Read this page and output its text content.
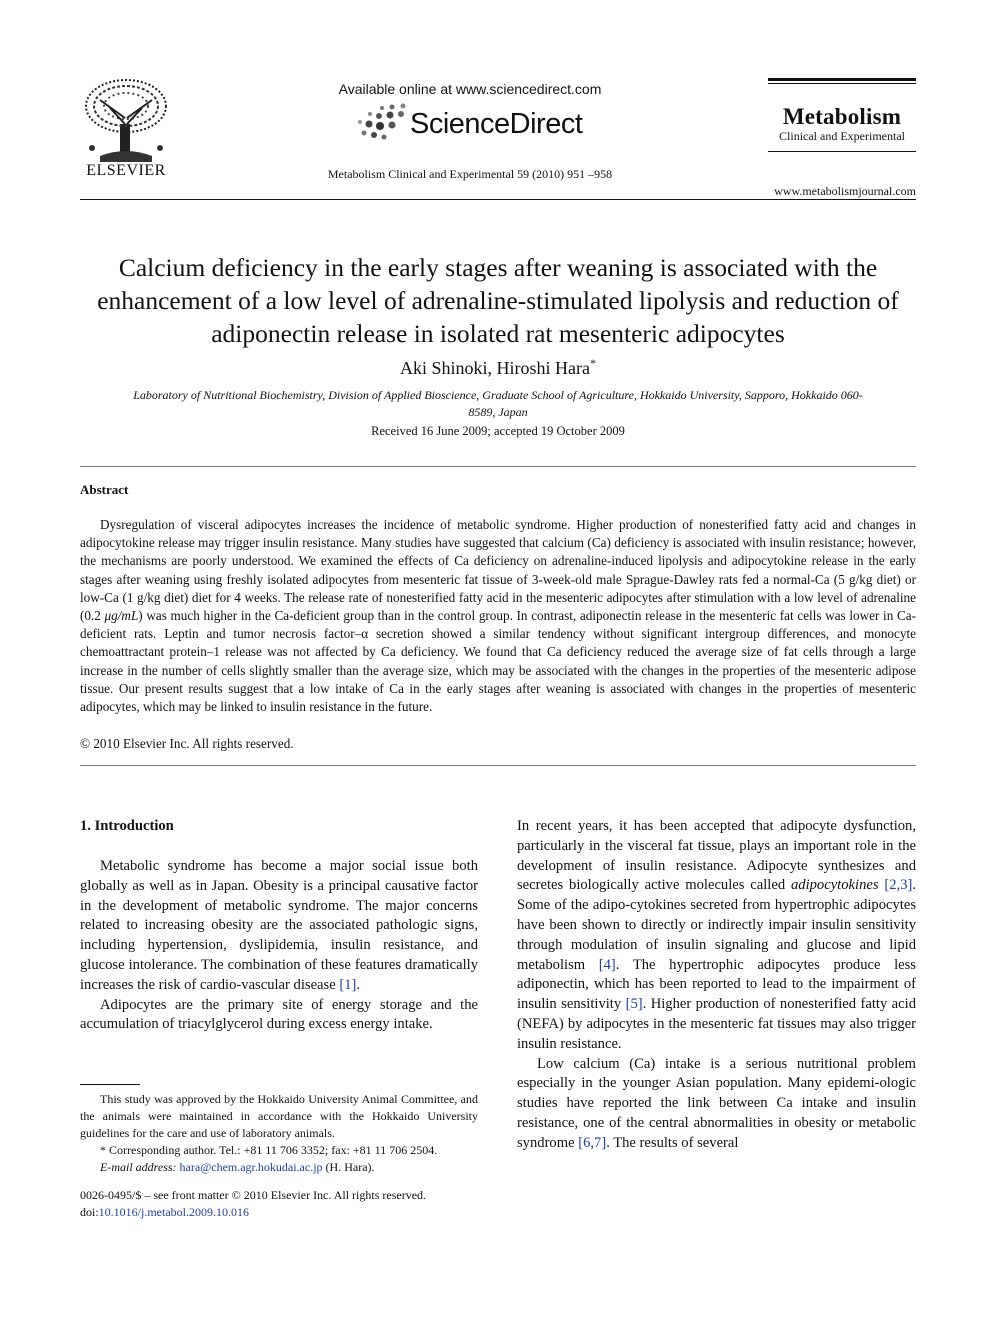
ELSEVIER
Available online at www.sciencedirect.com
ScienceDirect
Metabolism Clinical and Experimental 59 (2010) 951 –958
Metabolism
Clinical and Experimental
www.metabolismjournal.com
Calcium deficiency in the early stages after weaning is associated with the enhancement of a low level of adrenaline-stimulated lipolysis and reduction of adiponectin release in isolated rat mesenteric adipocytes
Aki Shinoki, Hiroshi Hara*
Laboratory of Nutritional Biochemistry, Division of Applied Bioscience, Graduate School of Agriculture, Hokkaido University, Sapporo, Hokkaido 060-8589, Japan
Received 16 June 2009; accepted 19 October 2009
Abstract
Dysregulation of visceral adipocytes increases the incidence of metabolic syndrome. Higher production of nonesterified fatty acid and changes in adipocytokine release may trigger insulin resistance. Many studies have suggested that calcium (Ca) deficiency is associated with insulin resistance; however, the mechanisms are poorly understood. We examined the effects of Ca deficiency on adrenaline-induced lipolysis and adipocytokine release in the early stages after weaning using freshly isolated adipocytes from mesenteric fat tissue of 3-week-old male Sprague-Dawley rats fed a normal-Ca (5 g/kg diet) or low-Ca (1 g/kg diet) diet for 4 weeks. The release rate of nonesterified fatty acid in the mesenteric adipocytes after stimulation with a low level of adrenaline (0.2 μg/mL) was much higher in the Ca-deficient group than in the control group. In contrast, adiponectin release in the mesenteric fat cells was lower in Ca-deficient rats. Leptin and tumor necrosis factor–α secretion showed a similar tendency without significant intergroup differences, and monocyte chemoattractant protein–1 release was not affected by Ca deficiency. We found that Ca deficiency reduced the average size of fat cells through a large increase in the number of cells slightly smaller than the average size, which may be associated with the changes in the properties of the mesenteric adipose tissue. Our present results suggest that a low intake of Ca in the early stages after weaning is associated with changes in the properties of mesenteric adipocytes, which may be linked to insulin resistance in the future.
© 2010 Elsevier Inc. All rights reserved.
1. Introduction

Metabolic syndrome has become a major social issue both globally as well as in Japan. Obesity is a principal causative factor in the development of metabolic syndrome. The major concerns related to increasing obesity are the associated pathologic signs, including hypertension, dyslipidemia, insulin resistance, and glucose intolerance. The combination of these features dramatically increases the risk of cardio-vascular disease [1].

Adipocytes are the primary site of energy storage and the accumulation of triacylglycerol during excess energy intake.

In recent years, it has been accepted that adipocyte dysfunction, particularly in the visceral fat tissue, plays an important role in the development of insulin resistance. Adipocyte synthesizes and secretes biologically active molecules called adipocytokines [2,3]. Some of the adipo-cytokines secreted from hypertrophic adipocytes have been shown to directly or indirectly impair insulin sensitivity through modulation of insulin signaling and glucose and lipid metabolism [4]. The hypertrophic adipocytes produce less adiponectin, which has been reported to lead to the impairment of insulin sensitivity [5]. Higher production of nonesterified fatty acid (NEFA) by adipocytes in the mesenteric fat tissues may also trigger insulin resistance.

Low calcium (Ca) intake is a serious nutritional problem especially in the younger Asian population. Many epidemi-ologic studies have reported the link between Ca intake and insulin resistance, one of the central abnormalities in obesity or metabolic syndrome [6,7]. The results of several

This study was approved by the Hokkaido University Animal Committee, and the animals were maintained in accordance with the Hokkaido University guidelines for the care and use of laboratory animals.

* Corresponding author. Tel.: +81 11 706 3352; fax: +81 11 706 2504.

E-mail address: hara@chem.agr.hokudai.ac.jp (H. Hara).

0026-0495/$ – see front matter © 2010 Elsevier Inc. All rights reserved.
doi:10.1016/j.metabol.2009.10.016
